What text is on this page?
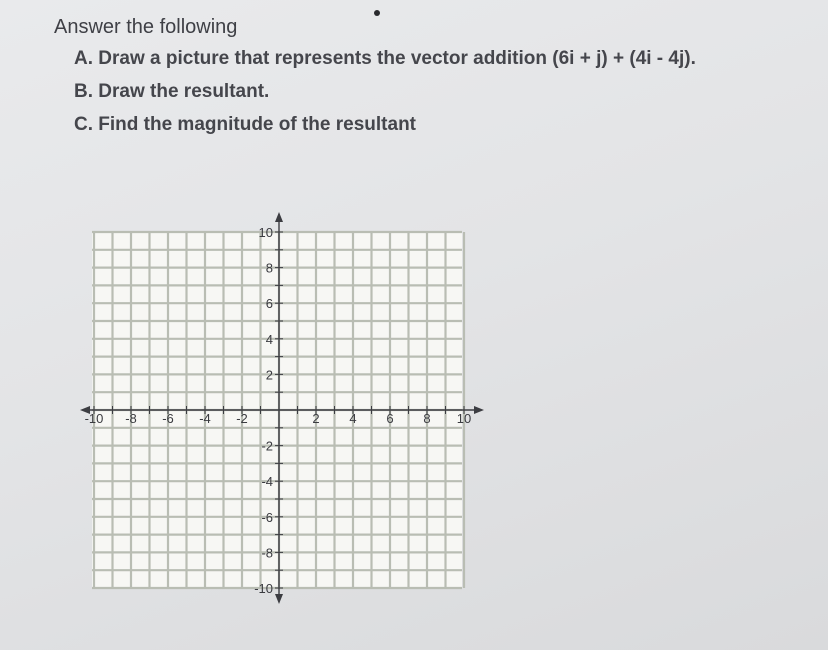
Answer the following
A. Draw a picture that represents the vector addition (6i + j) + (4i - 4j).
B. Draw the resultant.
C. Find the magnitude of the resultant
-10 -8 -6 -4 -2	2 4 6 8 10
10
8
6
4
2
-2
-4
-6
-8
-10
